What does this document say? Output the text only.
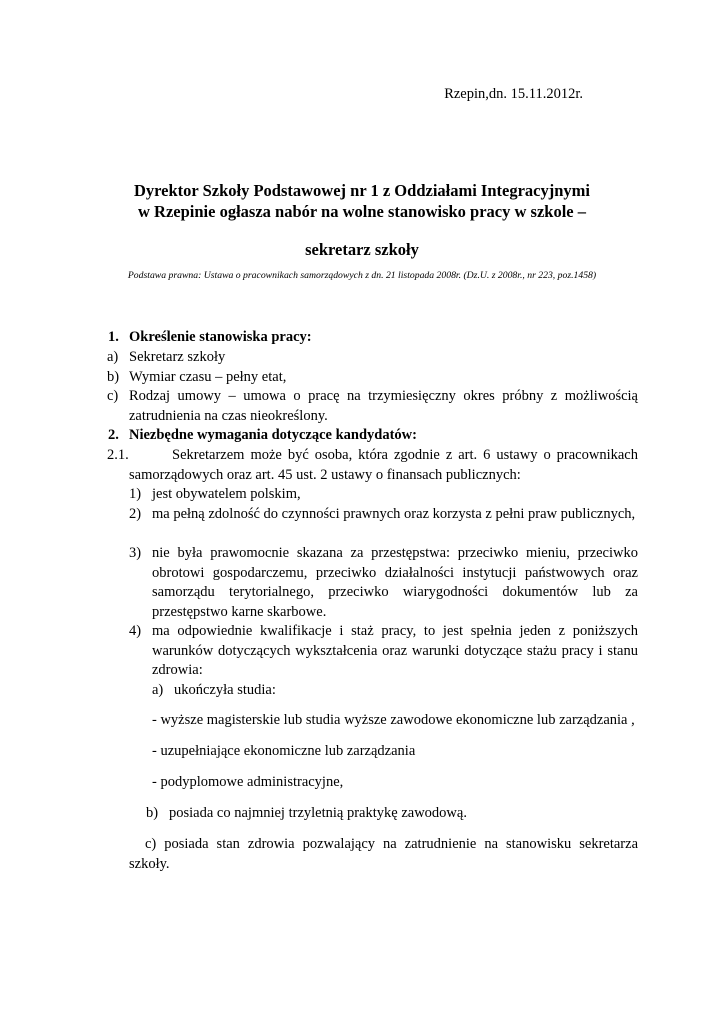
Rzepin,dn. 15.11.2012r.
Dyrektor Szkoły Podstawowej nr 1 z Oddziałami Integracyjnymi
w Rzepinie ogłasza nabór na wolne stanowisko pracy w szkole –
sekretarz szkoły
Podstawa prawna: Ustawa o pracownikach samorządowych z dn. 21 listopada 2008r. (Dz.U. z 2008r., nr 223, poz.1458)
1. Określenie stanowiska pracy:
a) Sekretarz szkoły
b) Wymiar czasu – pełny etat,
c) Rodzaj umowy – umowa o pracę na trzymiesięczny okres próbny z możliwością zatrudnienia na czas nieokreślony.
2. Niezbędne wymagania dotyczące kandydatów:
2.1.	Sekretarzem może być osoba, która zgodnie z art. 6 ustawy o pracownikach samorządowych oraz art. 45 ust. 2 ustawy o finansach publicznych:
1) jest obywatelem polskim,
2) ma pełną zdolność do czynności prawnych oraz korzysta z pełni praw publicznych,
3) nie była prawomocnie skazana za przestępstwa: przeciwko mieniu, przeciwko obrotowi gospodarczemu, przeciwko działalności instytucji państwowych oraz samorządu terytorialnego, przeciwko wiarygodności dokumentów lub za przestępstwo karne skarbowe.
4) ma odpowiednie kwalifikacje i staż pracy, to jest spełnia jeden z poniższych warunków dotyczących wykształcenia oraz warunki dotyczące stażu pracy i stanu zdrowia:
a) ukończyła studia:
- wyższe magisterskie lub studia wyższe zawodowe ekonomiczne lub zarządzania ,
- uzupełniające ekonomiczne lub zarządzania
- podyplomowe administracyjne,
b) posiada co najmniej trzyletnią praktykę zawodową.
c) posiada stan zdrowia pozwalający na zatrudnienie na stanowisku sekretarza szkoły.
